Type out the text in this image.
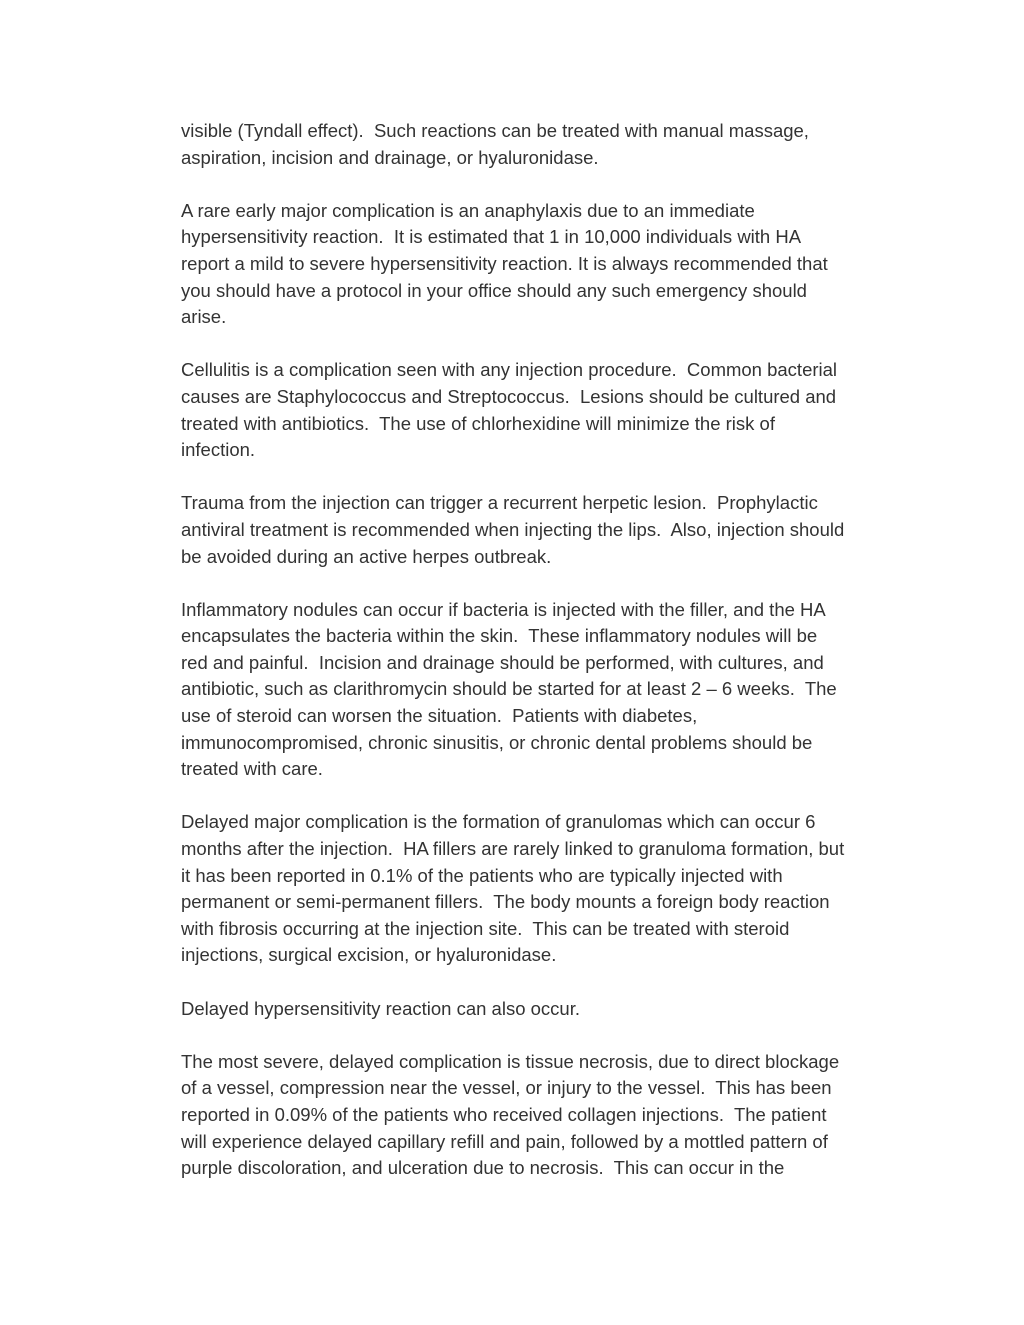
visible (Tyndall effect).  Such reactions can be treated with manual massage,
aspiration, incision and drainage, or hyaluronidase.
A rare early major complication is an anaphylaxis due to an immediate
hypersensitivity reaction.  It is estimated that 1 in 10,000 individuals with HA
report a mild to severe hypersensitivity reaction. It is always recommended that
you should have a protocol in your office should any such emergency should
arise.
Cellulitis is a complication seen with any injection procedure.  Common bacterial
causes are Staphylococcus and Streptococcus.  Lesions should be cultured and
treated with antibiotics.  The use of chlorhexidine will minimize the risk of
infection.
Trauma from the injection can trigger a recurrent herpetic lesion.  Prophylactic
antiviral treatment is recommended when injecting the lips.  Also, injection should
be avoided during an active herpes outbreak.
Inflammatory nodules can occur if bacteria is injected with the filler, and the HA
encapsulates the bacteria within the skin.  These inflammatory nodules will be
red and painful.  Incision and drainage should be performed, with cultures, and
antibiotic, such as clarithromycin should be started for at least 2 – 6 weeks.  The
use of steroid can worsen the situation.  Patients with diabetes,
immunocompromised, chronic sinusitis, or chronic dental problems should be
treated with care.
Delayed major complication is the formation of granulomas which can occur 6
months after the injection.  HA fillers are rarely linked to granuloma formation, but
it has been reported in 0.1% of the patients who are typically injected with
permanent or semi-permanent fillers.  The body mounts a foreign body reaction
with fibrosis occurring at the injection site.  This can be treated with steroid
injections, surgical excision, or hyaluronidase.
Delayed hypersensitivity reaction can also occur.
The most severe, delayed complication is tissue necrosis, due to direct blockage
of a vessel, compression near the vessel, or injury to the vessel.  This has been
reported in 0.09% of the patients who received collagen injections.  The patient
will experience delayed capillary refill and pain, followed by a mottled pattern of
purple discoloration, and ulceration due to necrosis.  This can occur in the
